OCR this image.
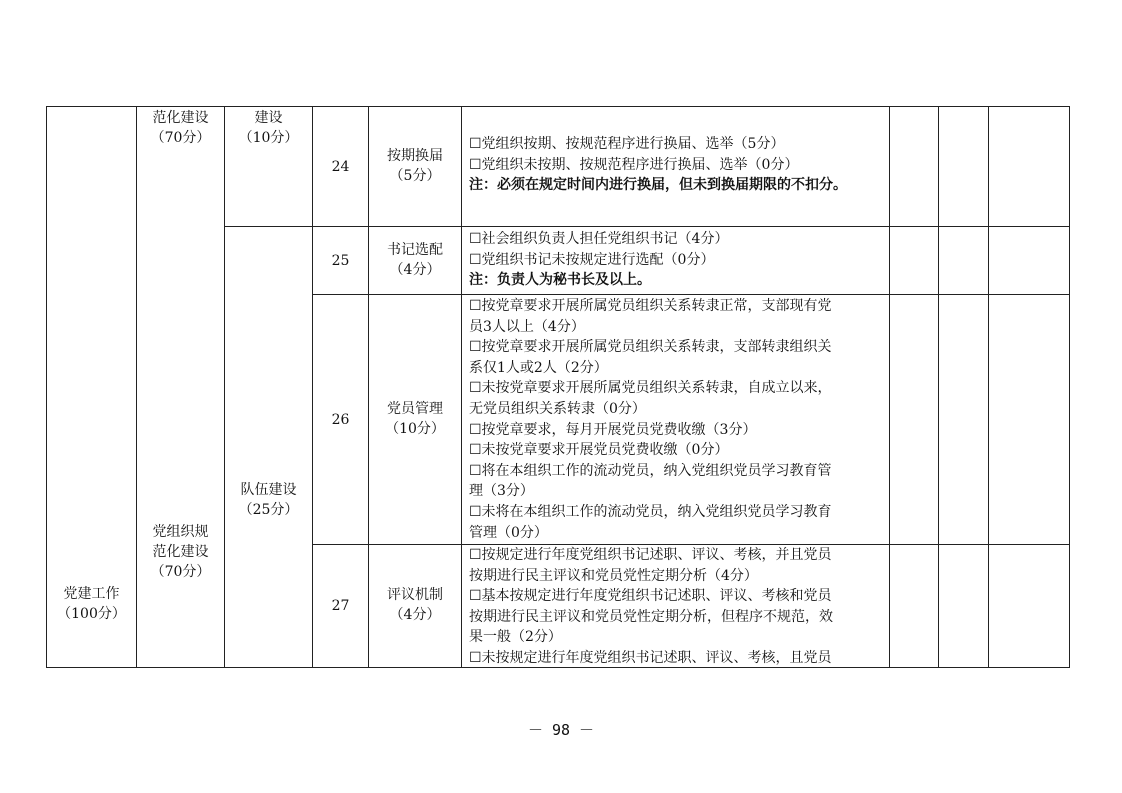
党建工作
（100分）
范化建设
（70分）
党组织规
范化建设
（70分）
建设
（10分）
队伍建设
（25分）
24
按期换届
（5分）
☐党组织按期、按规范程序进行换届、选举（5分）
☐党组织未按期、按规范程序进行换届、选举（0分）
注：必须在规定时间内进行换届，但未到换届期限的不扣分。
25
书记选配
（4分）
☐社会组织负责人担任党组织书记（4分）
☐党组织书记未按规定进行选配（0分）
注：负责人为秘书长及以上。
26
党员管理
（10分）
☐按党章要求开展所属党员组织关系转隶正常，支部现有党
员3人以上（4分）
☐按党章要求开展所属党员组织关系转隶，支部转隶组织关
系仅1人或2人（2分）
☐未按党章要求开展所属党员组织关系转隶，自成立以来，
无党员组织关系转隶（0分）
☐按党章要求，每月开展党员党费收缴（3分）
☐未按党章要求开展党员党费收缴（0分）
☐将在本组织工作的流动党员，纳入党组织党员学习教育管
理（3分）
☐未将在本组织工作的流动党员，纳入党组织党员学习教育
管理（0分）
27
评议机制
（4分）
☐按规定进行年度党组织书记述职、评议、考核，并且党员
按期进行民主评议和党员党性定期分析（4分）
☐基本按规定进行年度党组织书记述职、评议、考核和党员
按期进行民主评议和党员党性定期分析，但程序不规范，效
果一般（2分）
☐未按规定进行年度党组织书记述职、评议、考核，且党员
－ 98 －
